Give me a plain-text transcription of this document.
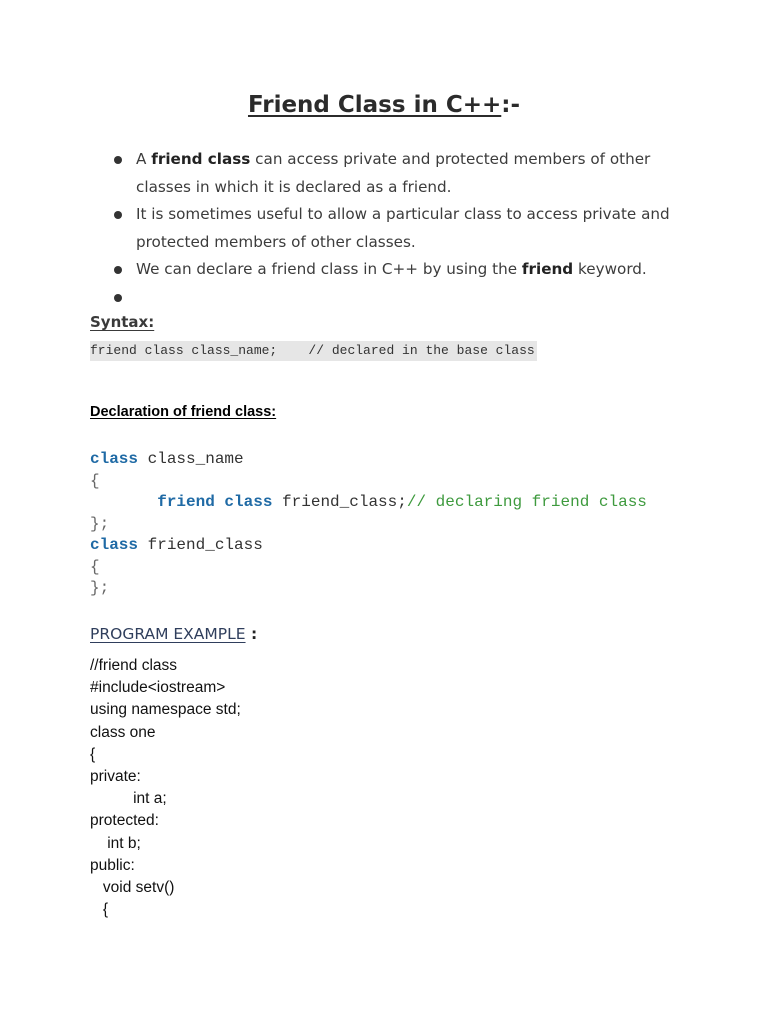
Friend Class in C++:-
A friend class can access private and protected members of other classes in which it is declared as a friend.
It is sometimes useful to allow a particular class to access private and protected members of other classes.
We can declare a friend class in C++ by using the friend keyword.
Syntax:
friend class class_name;    // declared in the base class
Declaration of friend class:
class class_name
{
friend class friend_class;// declaring friend class
};
class friend_class
{
};
PROGRAM EXAMPLE :
//friend class
#include<iostream>
using namespace std;
class one
{
private:
int a;
protected:
int b;
public:
void setv()
{
